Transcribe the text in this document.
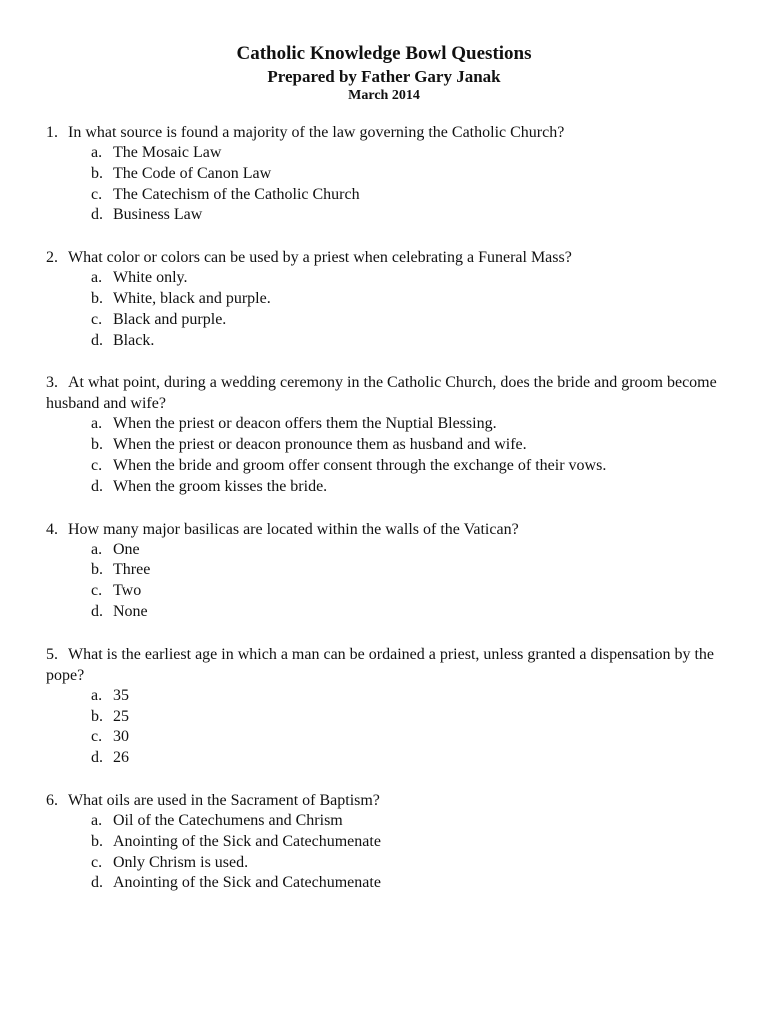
Catholic Knowledge Bowl Questions
Prepared by Father Gary Janak
March 2014
1. In what source is found a majority of the law governing the Catholic Church?
a. The Mosaic Law
b. The Code of Canon Law
c. The Catechism of the Catholic Church
d. Business Law
2. What color or colors can be used by a priest when celebrating a Funeral Mass?
a. White only.
b. White, black and purple.
c. Black and purple.
d. Black.
3. At what point, during a wedding ceremony in the Catholic Church, does the bride and groom become husband and wife?
a. When the priest or deacon offers them the Nuptial Blessing.
b. When the priest or deacon pronounce them as husband and wife.
c. When the bride and groom offer consent through the exchange of their vows.
d. When the groom kisses the bride.
4. How many major basilicas are located within the walls of the Vatican?
a. One
b. Three
c. Two
d. None
5. What is the earliest age in which a man can be ordained a priest, unless granted a dispensation by the pope?
a. 35
b. 25
c. 30
d. 26
6. What oils are used in the Sacrament of Baptism?
a. Oil of the Catechumens and Chrism
b. Anointing of the Sick and Catechumenate
c. Only Chrism is used.
d. Anointing of the Sick and Catechumenate
